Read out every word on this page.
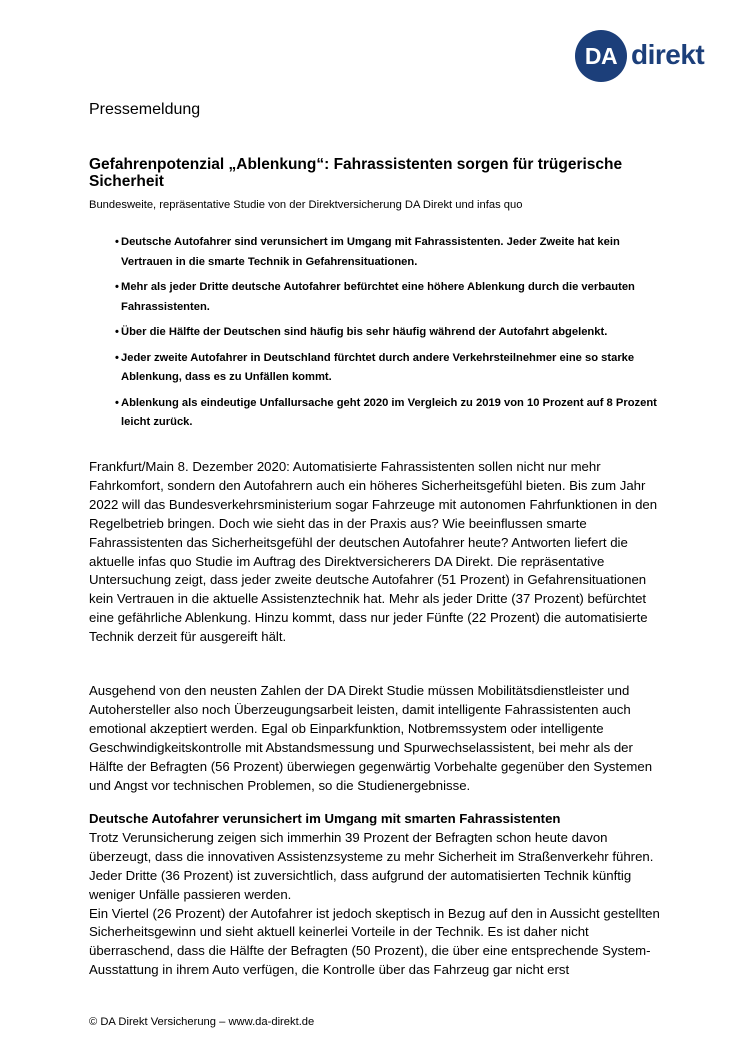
DA direkt
Pressemeldung
Gefahrenpotenzial „Ablenkung“: Fahrassistenten sorgen für trügerische Sicherheit
Bundesweite, repräsentative Studie von der Direktversicherung DA Direkt und infas quo
• Deutsche Autofahrer sind verunsichert im Umgang mit Fahrassistenten. Jeder Zweite hat kein Vertrauen in die smarte Technik in Gefahrensituationen.
• Mehr als jeder Dritte deutsche Autofahrer befürchtet eine höhere Ablenkung durch die verbauten Fahrassistenten.
• Über die Hälfte der Deutschen sind häufig bis sehr häufig während der Autofahrt abgelenkt.
• Jeder zweite Autofahrer in Deutschland fürchtet durch andere Verkehrsteilnehmer eine so starke Ablenkung, dass es zu Unfällen kommt.
• Ablenkung als eindeutige Unfallursache geht 2020 im Vergleich zu 2019 von 10 Prozent auf 8 Prozent leicht zurück.

Frankfurt/Main 8. Dezember 2020: Automatisierte Fahrassistenten sollen nicht nur mehr Fahrkomfort, sondern den Autofahrern auch ein höheres Sicherheitsgefühl bieten. Bis zum Jahr 2022 will das Bundesverkehrsministerium sogar Fahrzeuge mit autonomen Fahrfunktionen in den Regelbetrieb bringen. Doch wie sieht das in der Praxis aus? Wie beeinflussen smarte Fahrassistenten das Sicherheitsgefühl der deutschen Autofahrer heute? Antworten liefert die aktuelle infas quo Studie im Auftrag des Direktversicherers DA Direkt. Die repräsentative Untersuchung zeigt, dass jeder zweite deutsche Autofahrer (51 Prozent) in Gefahrensituationen kein Vertrauen in die aktuelle Assistenztechnik hat. Mehr als jeder Dritte (37 Prozent) befürchtet eine gefährliche Ablenkung. Hinzu kommt, dass nur jeder Fünfte (22 Prozent) die automatisierte Technik derzeit für ausgereift hält.

Ausgehend von den neusten Zahlen der DA Direkt Studie müssen Mobilitätsdienstleister und Autohersteller also noch Überzeugungsarbeit leisten, damit intelligente Fahrassistenten auch emotional akzeptiert werden. Egal ob Einparkfunktion, Notbremssystem oder intelligente Geschwindigkeitskontrolle mit Abstandsmessung und Spurwechselassistent, bei mehr als der Hälfte der Befragten (56 Prozent) überwiegen gegenwärtig Vorbehalte gegenüber den Systemen und Angst vor technischen Problemen, so die Studienergebnisse.

Deutsche Autofahrer verunsichert im Umgang mit smarten Fahrassistenten
Trotz Verunsicherung zeigen sich immerhin 39 Prozent der Befragten schon heute davon überzeugt, dass die innovativen Assistenzsysteme zu mehr Sicherheit im Straßenverkehr führen. Jeder Dritte (36 Prozent) ist zuversichtlich, dass aufgrund der automatisierten Technik künftig weniger Unfälle passieren werden.
Ein Viertel (26 Prozent) der Autofahrer ist jedoch skeptisch in Bezug auf den in Aussicht gestellten Sicherheitsgewinn und sieht aktuell keinerlei Vorteile in der Technik. Es ist daher nicht überraschend, dass die Hälfte der Befragten (50 Prozent), die über eine entsprechende System-Ausstattung in ihrem Auto verfügen, die Kontrolle über das Fahrzeug gar nicht erst
© DA Direkt Versicherung – www.da-direkt.de
